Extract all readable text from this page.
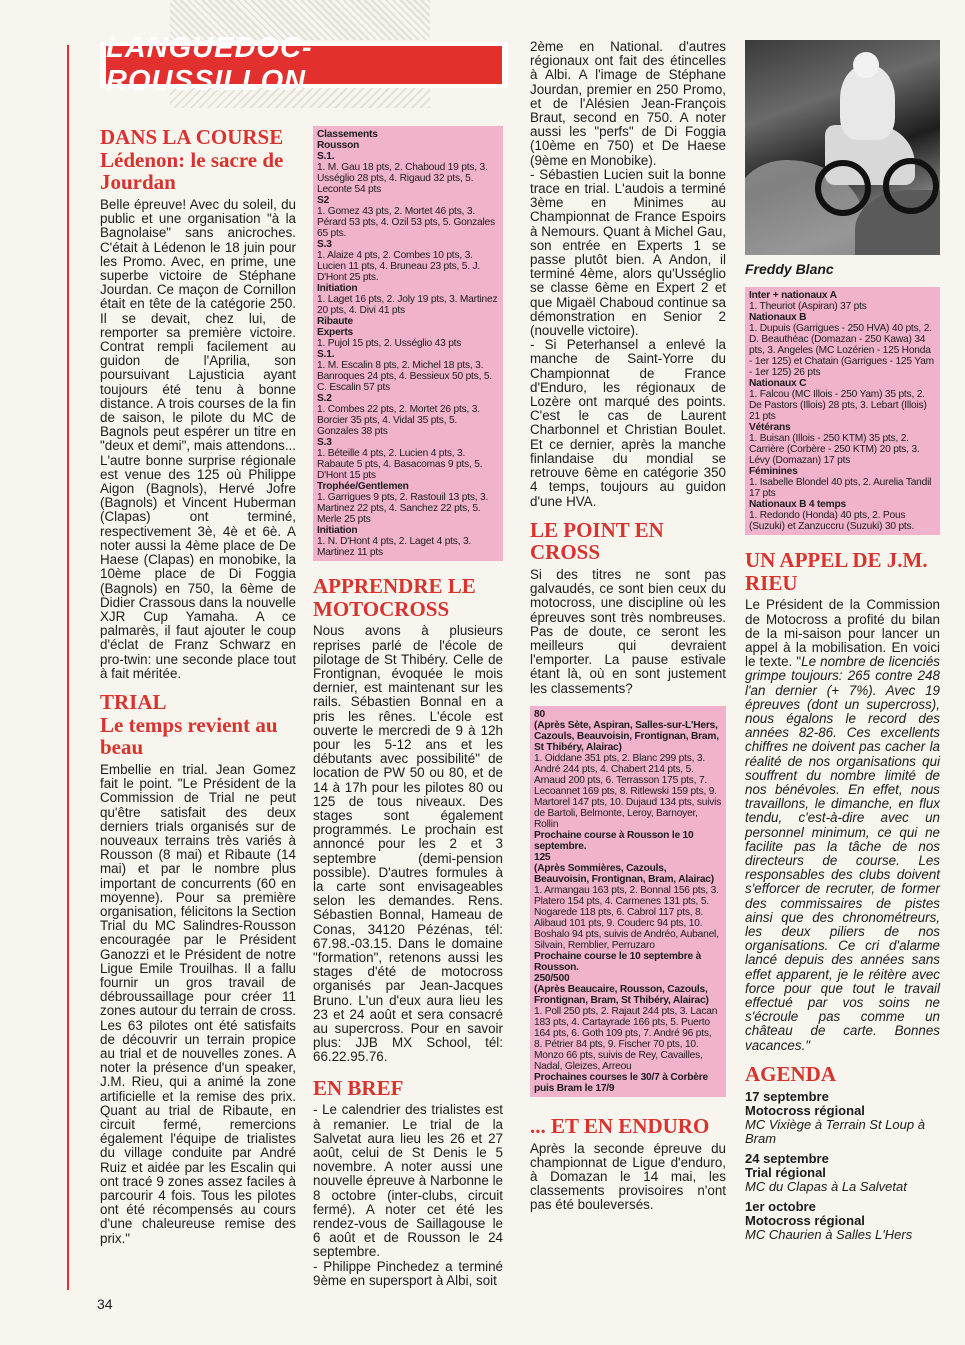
LANGUEDOC-ROUSSILLON

DANS LA COURSE

Lédenon: le sacre de Jourdan

Belle épreuve! Avec du soleil, du public et une organisation "à la Bagnolaise" sans anicroches. C'était à Lédenon le 18 juin pour les Promo. Avec, en prime, une superbe victoire de Stéphane Jourdan. Ce maçon de Cornillon était en tête de la catégorie 250. Il se devait, chez lui, de remporter sa première victoire. Contrat rempli facilement au guidon de l'Aprilia, son poursuivant Lajusticia ayant toujours été tenu à bonne distance. A trois courses de la fin de saison, le pilote du MC de Bagnols peut espérer un titre en "deux et demi", mais attendons... L'autre bonne surprise régionale est venue des 125 où Philippe Aigon (Bagnols), Hervé Jofre (Bagnols) et Vincent Huberman (Clapas) ont terminé, respectivement 3è, 4è et 6è. A noter aussi la 4ème place de De Haese (Clapas) en monobike, la 10ème place de Di Foggia (Bagnols) en 750, la 6ème de Didier Crassous dans la nouvelle XJR Cup Yamaha. A ce palmarès, il faut ajouter le coup d'éclat de Franz Schwarz en pro-twin: une seconde place tout à fait méritée.

TRIAL

Le temps revient au beau

Embellie en trial. Jean Gomez fait le point. "Le Président de la Commission de Trial ne peut qu'être satisfait des deux derniers trials organisés sur de nouveaux terrains très variés à Rousson (8 mai) et Ribaute (14 mai) et par le nombre plus important de concurrents (60 en moyenne). Pour sa première organisation, félicitons la Section Trial du MC Salindres-Rousson encouragée par le Président Ganozzi et le Président de notre Ligue Emile Trouilhas. Il a fallu fournir un gros travail de débroussaillage pour créer 11 zones autour du terrain de cross. Les 63 pilotes ont été satisfaits de découvrir un terrain propice au trial et de nouvelles zones. A noter la présence d'un speaker, J.M. Rieu, qui a animé la zone artificielle et la remise des prix. Quant au trial de Ribaute, en circuit fermé, remercions également l'équipe de trialistes du village conduite par André Ruiz et aidée par les Escalin qui ont tracé 9 zones assez faciles à parcourir 4 fois. Tous les pilotes ont été récompensés au cours d'une chaleureuse remise des prix."

Classements
Rousson
S.1.
1. M. Gau 18 pts, 2. Chaboud 19 pts, 3. Usséglio 28 pts, 4. Rigaud 32 pts, 5. Leconte 54 pts
S2
1. Gomez 43 pts, 2. Mortet 46 pts, 3. Pérard 53 pts, 4. Ozil 53 pts, 5. Gonzales 65 pts.
S.3
1. Alaize 4 pts, 2. Combes 10 pts, 3. Lucien 11 pts, 4. Bruneau 23 pts, 5. J. D'Hont 25 pts.
Initiation
1. Laget 16 pts, 2. Joly 19 pts, 3. Martinez 20 pts, 4. Divi 41 pts
Ribaute
Experts
1. Pujol 15 pts, 2. Usséglio 43 pts
S.1.
1. M. Escalin 8 pts, 2. Michel 18 pts, 3. Banroques 24 pts, 4. Bessieux 50 pts, 5. C. Escalin 57 pts
S.2
1. Combes 22 pts, 2. Mortet 26 pts, 3. Borcier 35 pts, 4. Vidal 35 pts, 5. Gonzales 38 pts
S.3
1. Béteille 4 pts, 2. Lucien 4 pts, 3. Rabaute 5 pts, 4. Basacomas 9 pts, 5. D'Hont 15 pts
Trophée/Gentlemen
1. Garrigues 9 pts, 2. Rastouil 13 pts, 3. Martinez 22 pts, 4. Sanchez 22 pts, 5. Merle 25 pts
Initiation
1. N. D'Hont 4 pts, 2. Laget 4 pts, 3. Martinez 11 pts

APPRENDRE LE MOTOCROSS

Nous avons à plusieurs reprises parlé de l'école de pilotage de St Thibéry. Celle de Frontignan, évoquée le mois dernier, est maintenant sur les rails. Sébastien Bonnal en a pris les rênes. L'école est ouverte le mercredi de 9 à 12h pour les 5-12 ans et les débutants avec possibilité" de location de PW 50 ou 80, et de 14 à 17h pour les pilotes 80 ou 125 de tous niveaux. Des stages sont également programmés. Le prochain est annoncé pour les 2 et 3 septembre (demi-pension possible). D'autres formules à la carte sont envisageables selon les demandes. Rens. Sébastien Bonnal, Hameau de Conas, 34120 Pézénas, tél: 67.98.-03.15. Dans le domaine "formation", retenons aussi les stages d'été de motocross organisés par Jean-Jacques Bruno. L'un d'eux aura lieu les 23 et 24 août et sera consacré au supercross. Pour en savoir plus: JJB MX School, tél: 66.22.95.76.

EN BREF

- Le calendrier des trialistes est à remanier. Le trial de la Salvetat aura lieu les 26 et 27 août, celui de St Denis le 5 novembre. A noter aussi une nouvelle épreuve à Narbonne le 8 octobre (inter-clubs, circuit fermé). A noter cet été les rendez-vous de Saillagouse le 6 août et de Rousson le 24 septembre.
- Philippe Pinchedez a terminé 9ème en supersport à Albi, soit

2ème en National. d'autres régionaux ont fait des étincelles à Albi. A l'image de Stéphane Jourdan, premier en 250 Promo, et de l'Alésien Jean-François Braut, second en 750. A noter aussi les "perfs" de Di Foggia (10ème en 750) et De Haese (9ème en Monobike).
- Sébastien Lucien suit la bonne trace en trial. L'audois a terminé 3ème en Minimes au Championnat de France Espoirs à Nemours. Quant à Michel Gau, son entrée en Experts 1 se passe plutôt bien. A Andon, il terminé 4ème, alors qu'Usséglio se classe 6ème en Expert 2 et que Migaël Chaboud continue sa démonstration en Senior 2 (nouvelle victoire).
- Si Peterhansel a enlevé la manche de Saint-Yorre du Championnat de France d'Enduro, les régionaux de Lozère ont marqué des points. C'est le cas de Laurent Charbonnel et Christian Boulet. Et ce dernier, après la manche finlandaise du mondial se retrouve 6ème en catégorie 350 4 temps, toujours au guidon d'une HVA.

LE POINT EN CROSS

Si des titres ne sont pas galvaudés, ce sont bien ceux du motocross, une discipline où les épreuves sont très nombreuses. Pas de doute, ce seront les meilleurs qui devraient l'emporter. La pause estivale étant là, où en sont justement les classements?

80
(Après Sète, Aspiran, Salles-sur-L'Hers, Cazouls, Beauvoisin, Frontignan, Bram, St Thibéry, Alairac)
1. Oiddane 351 pts, 2. Blanc 299 pts, 3. André 244 pts, 4. Chabert 214 pts, 5. Arnaud 200 pts, 6. Terrasson 175 pts, 7. Lecoannet 169 pts, 8. Ritlewski 159 pts, 9. Martorel 147 pts, 10. Dujaud 134 pts, suivis de Bartoli, Belmonte, Leroy, Barnoyer, Rollin
Prochaine course à Rousson le 10 septembre.
125
(Après Sommières, Cazouls, Beauvoisin, Frontignan, Bram, Alairac)
1. Armangau 163 pts, 2. Bonnal 156 pts, 3. Platero 154 pts, 4. Carmenes 131 pts, 5. Nogarede 118 pts, 6. Cabrol 117 pts, 8. Alibaud 101 pts, 9. Couderc 94 pts, 10. Boshalo 94 pts, suivis de Andréo, Aubanel, Silvain, Remblier, Perruzaro
Prochaine course le 10 septembre à Rousson.
250/500
(Après Beaucaire, Rousson, Cazouls, Frontignan, Bram, St Thibéry, Alairac)
1. Poll 250 pts, 2. Rajaut 244 pts, 3. Lacan 183 pts, 4. Cartayrade 166 pts, 5. Puerto 164 pts, 6. Goth 109 pts, 7. André 96 pts, 8. Pétrier 84 pts, 9. Fischer 70 pts, 10. Monzo 66 pts, suivis de Rey, Cavailles, Nadal, Gleizes, Arreou
Prochaines courses le 30/7 à Corbère puis Bram le 17/9

... ET EN ENDURO

Après la seconde épreuve du championnat de Ligue d'enduro, à Domazan le 14 mai, les classements provisoires n'ont pas été bouleversés.

Freddy Blanc

Inter + nationaux A
1. Theuriot (Aspiran) 37 pts
Nationaux B
1. Dupuis (Garrigues - 250 HVA) 40 pts, 2. D. Beauthéac (Domazan - 250 Kawa) 34 pts, 3. Angeles (MC Lozérien - 125 Honda - 1er 125) et Chatain (Garrigues - 125 Yam - 1er 125) 26 pts
Nationaux C
1. Falcou (MC Illois - 250 Yam) 35 pts, 2. De Pastors (Illois) 28 pts, 3. Lebart (Illois) 21 pts
Vétérans
1. Buisan (Illois - 250 KTM) 35 pts, 2. Carrière (Corbère - 250 KTM) 20 pts, 3. Lévy (Domazan) 17 pts
Féminines
1. Isabelle Blondel 40 pts, 2. Aurelia Tandil 17 pts
Nationaux B 4 temps
1. Redondo (Honda) 40 pts, 2. Pous (Suzuki) et Zanzuccru (Suzuki) 30 pts.

UN APPEL DE J.M. RIEU

Le Président de la Commission de Motocross a profité du bilan de la mi-saison pour lancer un appel à la mobilisation. En voici le texte. "Le nombre de licenciés grimpe toujours: 265 contre 248 l'an dernier (+ 7%). Avec 19 épreuves (dont un supercross), nous égalons le record des années 82-86. Ces excellents chiffres ne doivent pas cacher la réalité de nos organisations qui souffrent du nombre limité de nos bénévoles. En effet, nous travaillons, le dimanche, en flux tendu, c'est-à-dire avec un personnel minimum, ce qui ne facilite pas la tâche de nos directeurs de course. Les responsables des clubs doivent s'efforcer de recruter, de former des commissaires de pistes ainsi que des chronométreurs, les deux piliers de nos organisations. Ce cri d'alarme lancé depuis des années sans effet apparent, je le réitère avec force pour que tout le travail effectué par vos soins ne s'écroule pas comme un château de carte. Bonnes vacances."

AGENDA

17 septembre

Motocross régional

MC Vixiège à Terrain St Loup à Bram

24 septembre

Trial régional

MC du Clapas à La Salvetat

1er octobre

Motocross régional

MC Chaurien à Salles L'Hers

34
